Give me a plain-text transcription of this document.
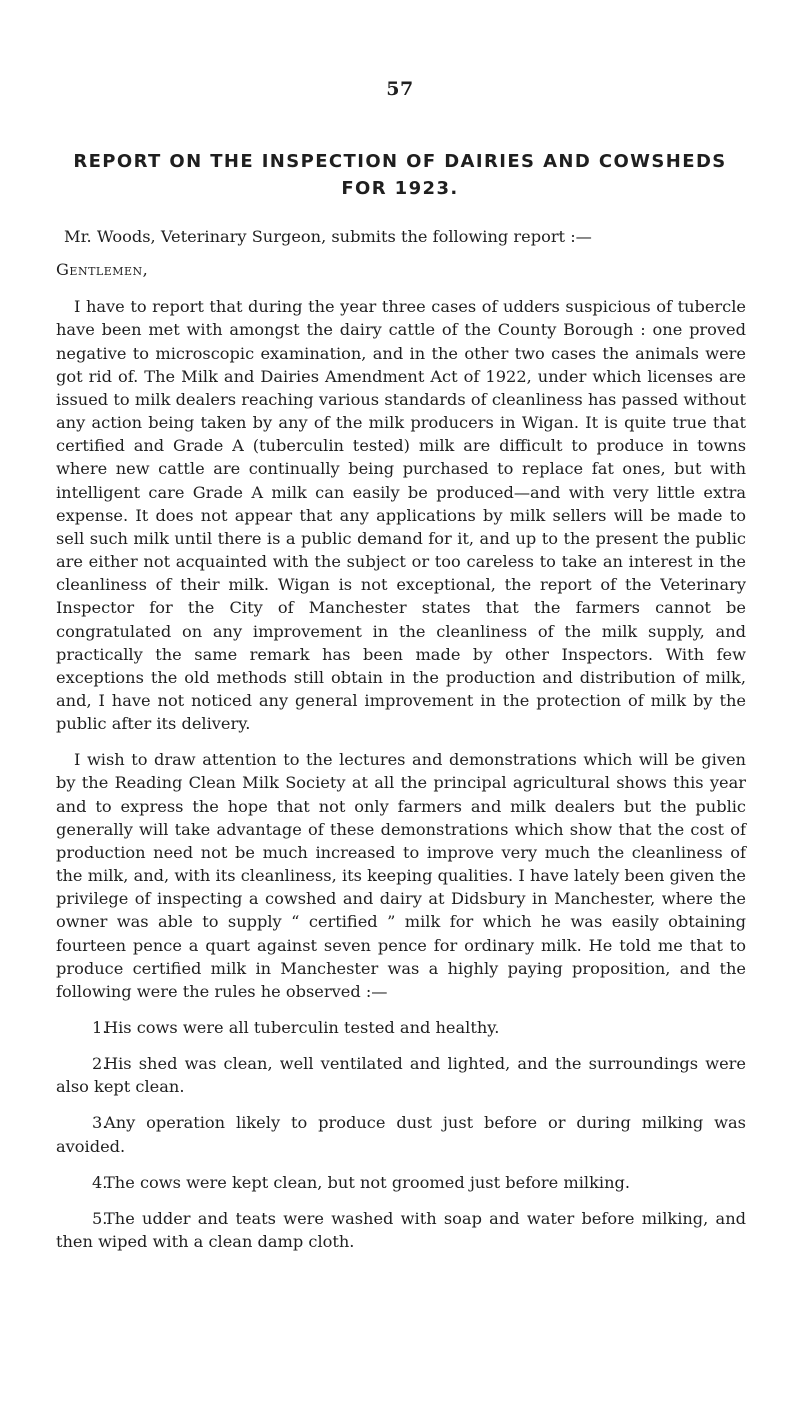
57
REPORT ON THE INSPECTION OF DAIRIES AND COWSHEDS
FOR 1923.

Mr. Woods, Veterinary Surgeon, submits the following report :—

Gentlemen,

I have to report that during the year three cases of udders suspicious of tubercle have been met with amongst the dairy cattle of the County Borough : one proved negative to microscopic examination, and in the other two cases the animals were got rid of. The Milk and Dairies Amendment Act of 1922, under which licenses are issued to milk dealers reaching various standards of cleanliness has passed without any action being taken by any of the milk producers in Wigan. It is quite true that certified and Grade A (tuberculin tested) milk are difficult to produce in towns where new cattle are continually being purchased to replace fat ones, but with intelligent care Grade A milk can easily be produced—and with very little extra expense. It does not appear that any applications by milk sellers will be made to sell such milk until there is a public demand for it, and up to the present the public are either not acquainted with the subject or too careless to take an interest in the cleanliness of their milk. Wigan is not exceptional, the report of the Veterinary Inspector for the City of Manchester states that the farmers cannot be congratulated on any improvement in the cleanliness of the milk supply, and practically the same remark has been made by other Inspectors. With few exceptions the old methods still obtain in the production and distribution of milk, and, I have not noticed any general improvement in the protection of milk by the public after its delivery.

I wish to draw attention to the lectures and demonstrations which will be given by the Reading Clean Milk Society at all the principal agricultural shows this year and to express the hope that not only farmers and milk dealers but the public generally will take advantage of these demonstrations which show that the cost of production need not be much increased to improve very much the cleanliness of the milk, and, with its cleanliness, its keeping qualities. I have lately been given the privilege of inspecting a cowshed and dairy at Didsbury in Manchester, where the owner was able to supply “ certified ” milk for which he was easily obtaining fourteen pence a quart against seven pence for ordinary milk. He told me that to produce certified milk in Manchester was a highly paying proposition, and the following were the rules he observed :—

1.His cows were all tuberculin tested and healthy.
2.His shed was clean, well ventilated and lighted, and the surroundings were also kept clean.
3.Any operation likely to produce dust just before or during milking was avoided.
4.The cows were kept clean, but not groomed just before milking.
5.The udder and teats were washed with soap and water before milking, and then wiped with a clean damp cloth.
